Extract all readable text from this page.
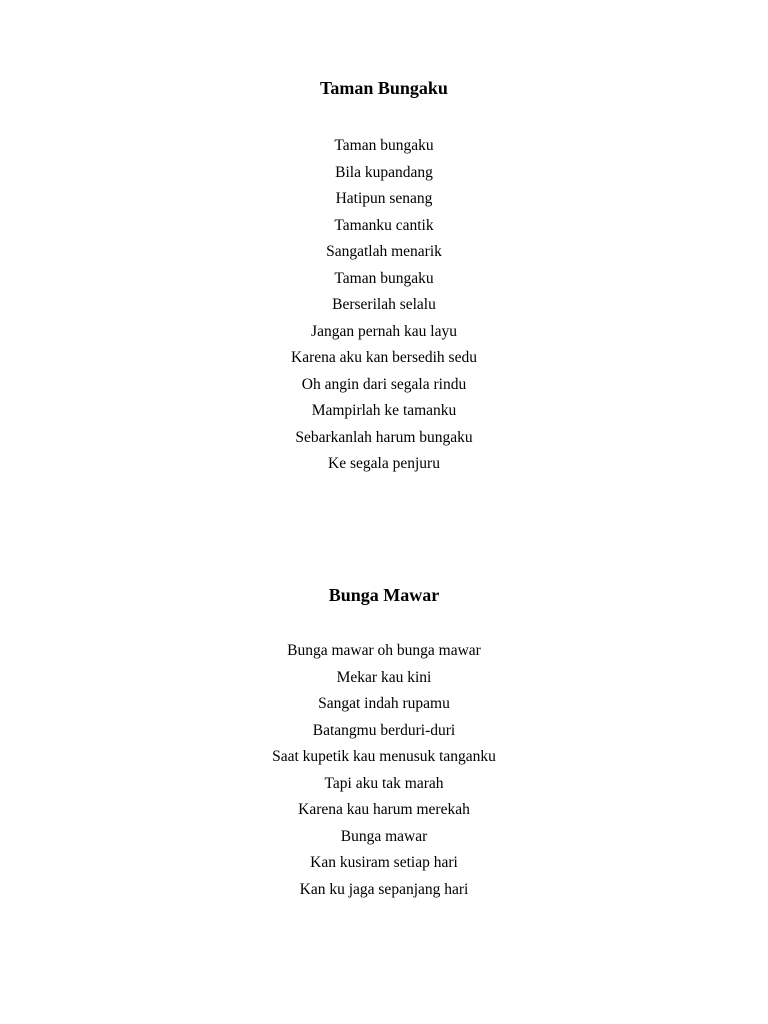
Taman Bungaku
Taman bungaku
Bila kupandang
Hatipun senang
Tamanku cantik
Sangatlah menarik
Taman bungaku
Berserilah selalu
Jangan pernah kau layu
Karena aku kan bersedih sedu
Oh angin dari segala rindu
Mampirlah ke tamanku
Sebarkanlah harum bungaku
Ke segala penjuru
Bunga Mawar
Bunga mawar oh bunga mawar
Mekar kau kini
Sangat indah rupamu
Batangmu berduri-duri
Saat kupetik kau menusuk tanganku
Tapi aku tak marah
Karena kau harum merekah
Bunga mawar
Kan kusiram setiap hari
Kan ku jaga sepanjang hari
